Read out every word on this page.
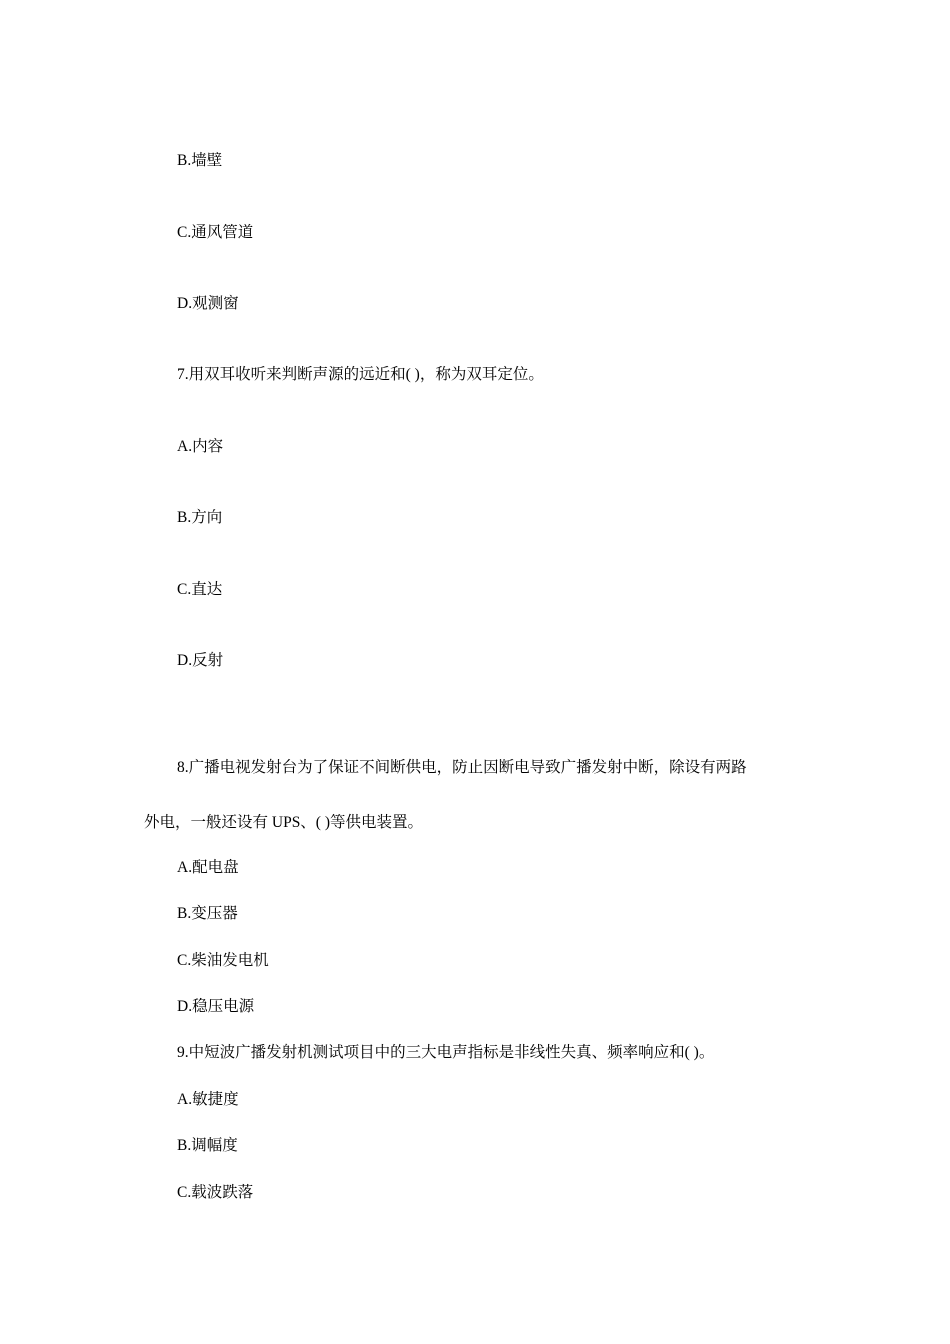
B.墙壁
C.通风管道
D.观测窗
7.用双耳收听来判断声源的远近和( )，称为双耳定位。
A.内容
B.方向
C.直达
D.反射
8.广播电视发射台为了保证不间断供电，防止因断电导致广播发射中断，除设有两路
外电，一般还设有 UPS、( )等供电装置。
A.配电盘
B.变压器
C.柴油发电机
D.稳压电源
9.中短波广播发射机测试项目中的三大电声指标是非线性失真、频率响应和( )。
A.敏捷度
B.调幅度
C.载波跌落
